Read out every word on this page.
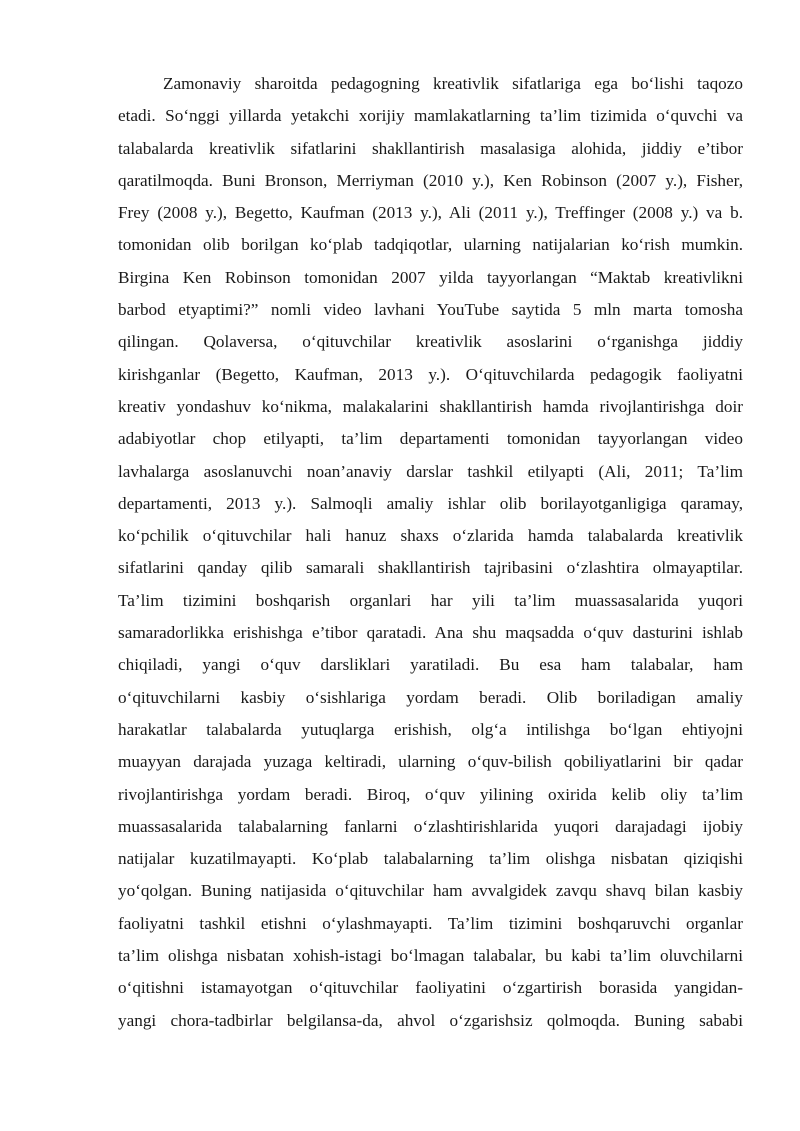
Zamonaviy sharoitda pedagogning kreativlik sifatlariga ega bo‘lishi taqozo
etadi. So‘nggi yillarda yetakchi xorijiy mamlakatlarning ta’lim tizimida o‘quvchi va
talabalarda kreativlik sifatlarini shakllantirish masalasiga alohida, jiddiy e’tibor
qaratilmoqda. Buni Bronson, Merriyman (2010 y.), Ken Robinson (2007 y.), Fisher,
Frey (2008 y.), Begetto, Kaufman (2013 y.), Ali (2011 y.), Treffinger (2008 y.) va b.
tomonidan olib borilgan ko‘plab tadqiqotlar, ularning natijalarian ko‘rish mumkin.
Birgina Ken Robinson tomonidan 2007 yilda tayyorlangan “Maktab kreativlikni
barbod etyaptimi?” nomli video lavhani YouTube saytida 5 mln marta tomosha
qilingan. Qolaversa, o‘qituvchilar kreativlik asoslarini o‘rganishga jiddiy
kirishganlar (Begetto, Kaufman, 2013 y.). O‘qituvchilarda pedagogik faoliyatni
kreativ yondashuv ko‘nikma, malakalarini shakllantirish hamda rivojlantirishga doir
adabiyotlar chop etilyapti, ta’lim departamenti tomonidan tayyorlangan video
lavhalarga asoslanuvchi noan’anaviy darslar tashkil etilyapti (Ali, 2011; Ta’lim
departamenti, 2013 y.). Salmoqli amaliy ishlar olib borilayotganligiga qaramay,
ko‘pchilik o‘qituvchilar hali hanuz shaxs o‘zlarida hamda talabalarda kreativlik
sifatlarini qanday qilib samarali shakllantirish tajribasini o‘zlashtira olmayaptilar.
Ta’lim tizimini boshqarish organlari har yili ta’lim muassasalarida yuqori
samaradorlikka erishishga e’tibor qaratadi. Ana shu maqsadda o‘quv dasturini ishlab
chiqiladi, yangi o‘quv darsliklari yaratiladi. Bu esa ham talabalar, ham
o‘qituvchilarni kasbiy o‘sishlariga yordam beradi. Olib boriladigan amaliy
harakatlar talabalarda yutuqlarga erishish, olg‘a intilishga bo‘lgan ehtiyojni
muayyan darajada yuzaga keltiradi, ularning o‘quv-bilish qobiliyatlarini bir qadar
rivojlantirishga yordam beradi. Biroq, o‘quv yilining oxirida kelib oliy ta’lim
muassasalarida talabalarning fanlarni o‘zlashtirishlarida yuqori darajadagi ijobiy
natijalar kuzatilmayapti. Ko‘plab talabalarning ta’lim olishga nisbatan qiziqishi
yo‘qolgan. Buning natijasida o‘qituvchilar ham avvalgidek zavqu shavq bilan kasbiy
faoliyatni tashkil etishni o‘ylashmayapti. Ta’lim tizimini boshqaruvchi organlar
ta’lim olishga nisbatan xohish-istagi bo‘lmagan talabalar, bu kabi ta’lim oluvchilarni
o‘qitishni istamayotgan o‘qituvchilar faoliyatini o‘zgartirish borasida yangidan-
yangi chora-tadbirlar belgilansa-da, ahvol o‘zgarishsiz qolmoqda. Buning sababi
